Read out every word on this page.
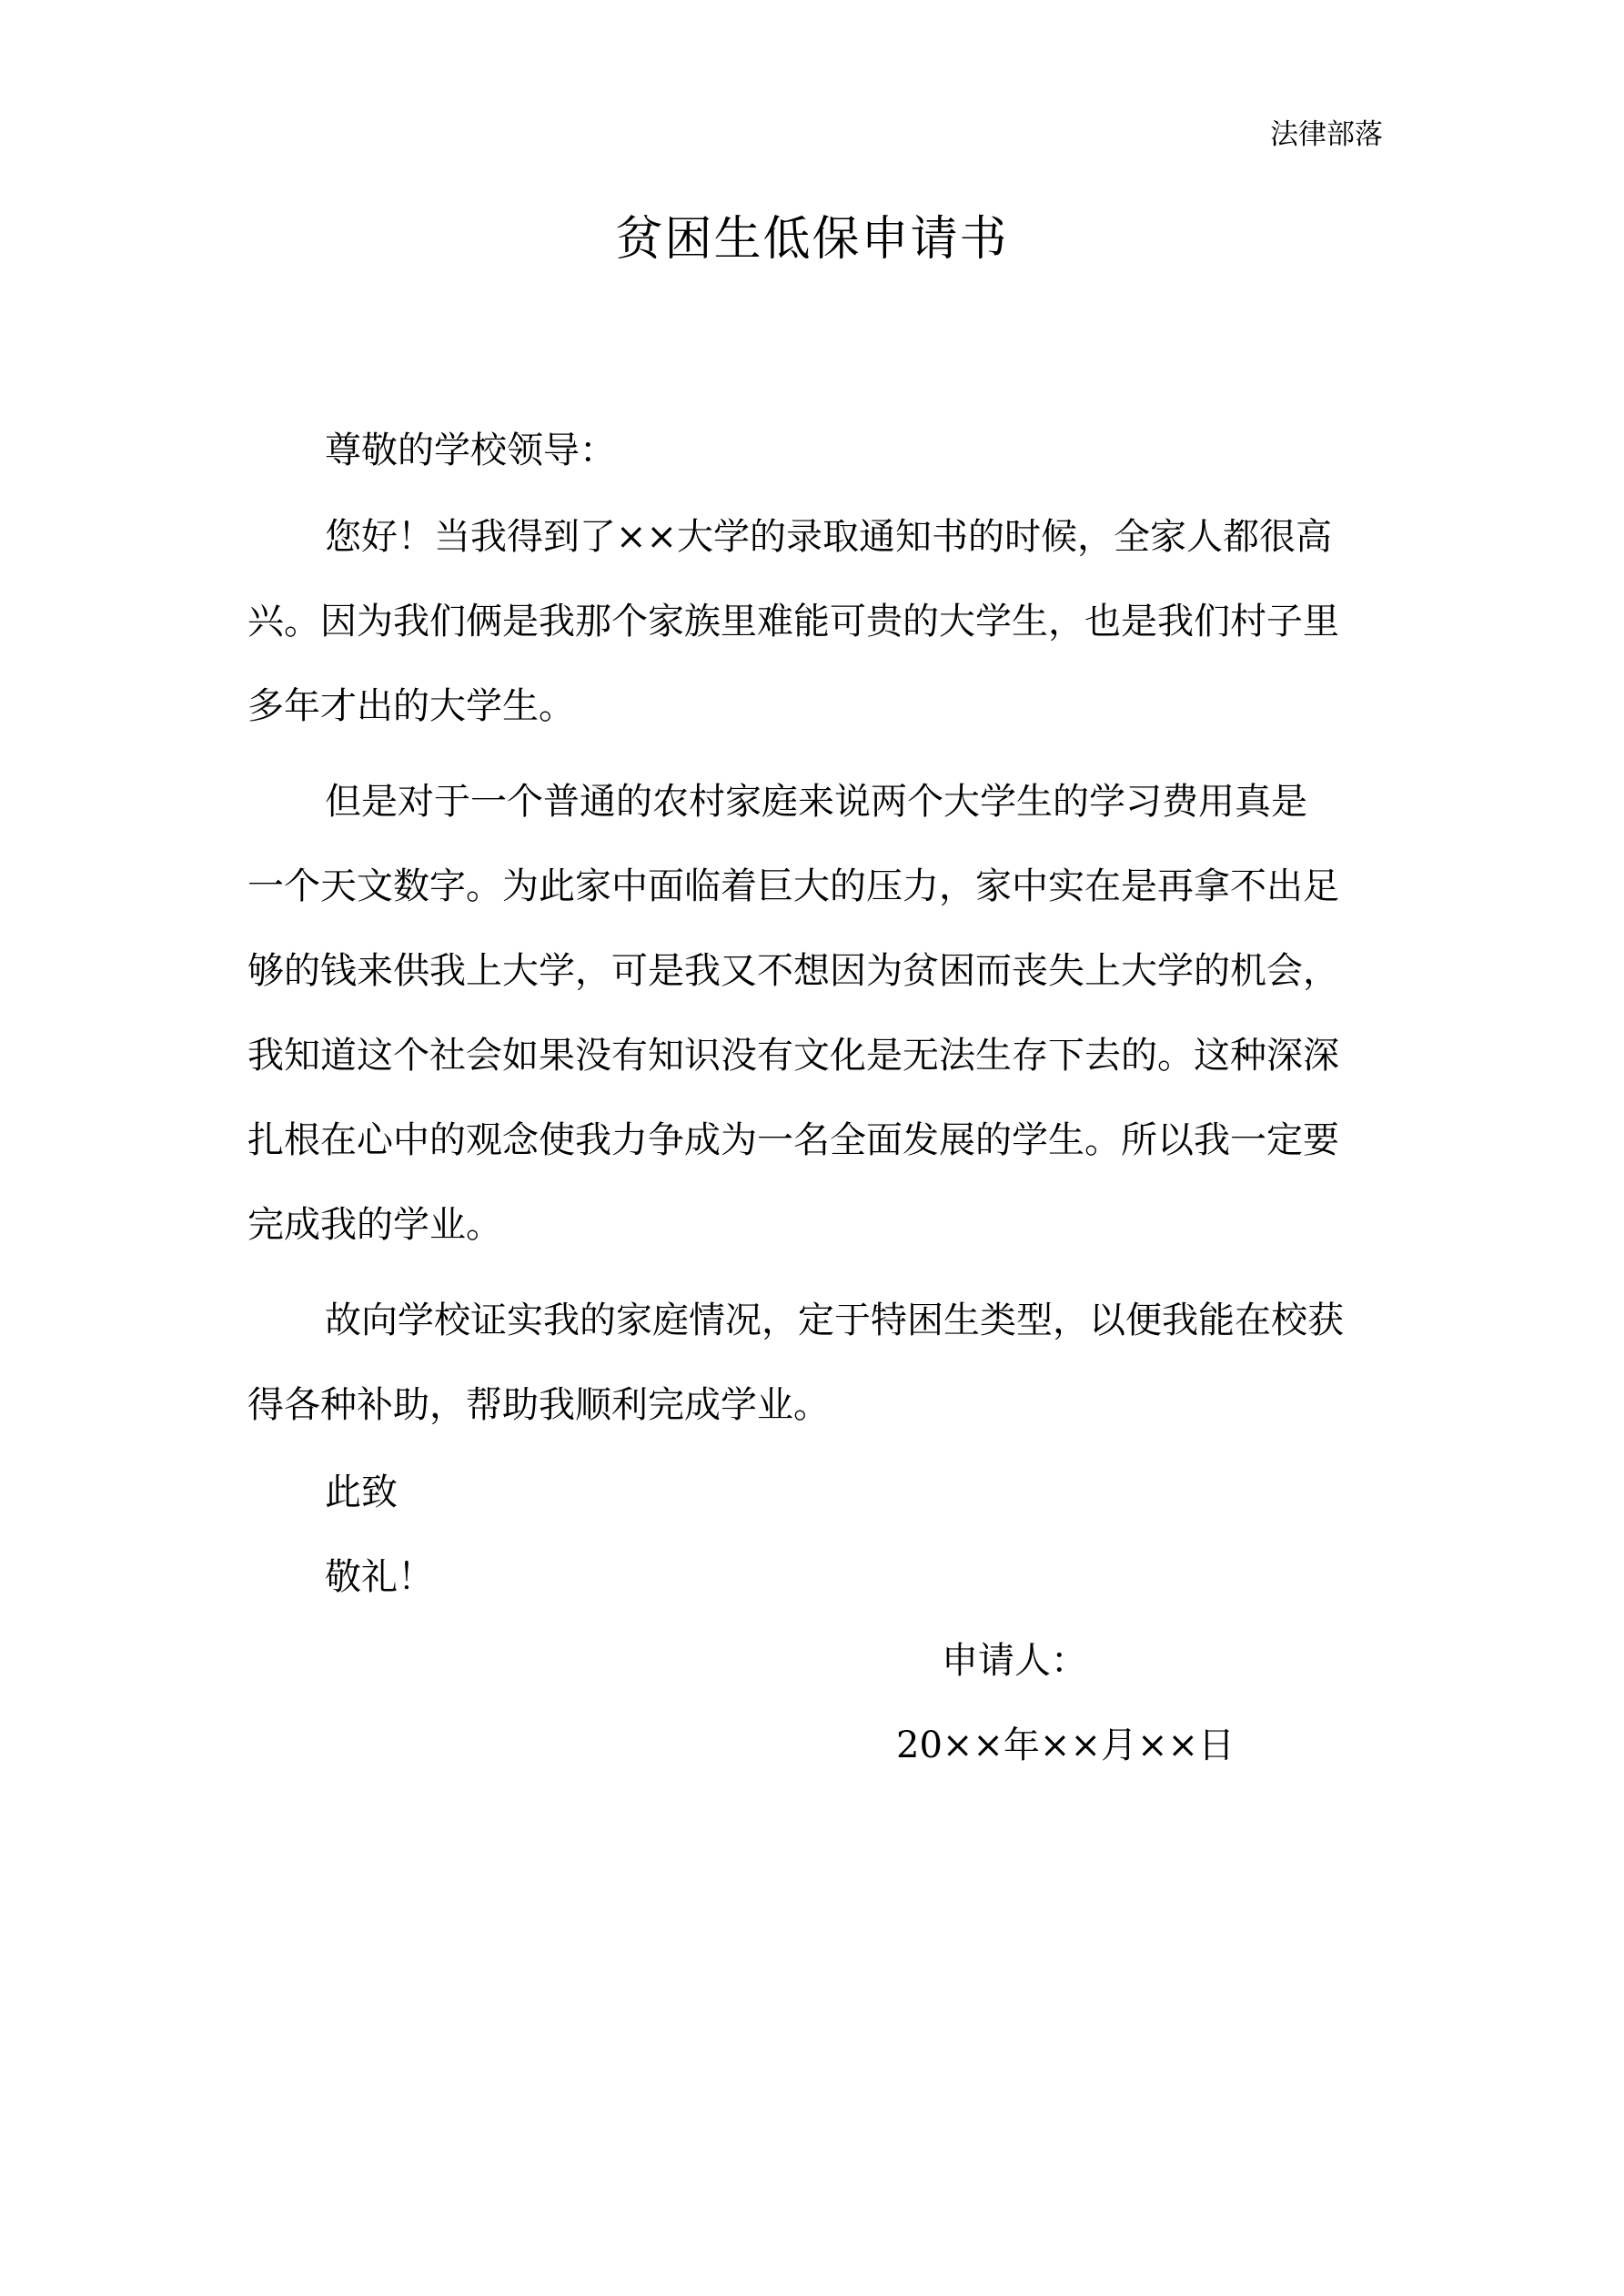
法律部落
贫困生低保申请书
尊敬的学校领导：
您好！当我得到了××大学的录取通知书的时候，全家人都很高
兴。因为我们俩是我那个家族里难能可贵的大学生，也是我们村子里
多年才出的大学生。
但是对于一个普通的农村家庭来说两个大学生的学习费用真是
一个天文数字。为此家中面临着巨大的压力，家中实在是再拿不出足
够的钱来供我上大学，可是我又不想因为贫困而丧失上大学的机会，
我知道这个社会如果没有知识没有文化是无法生存下去的。这种深深
扎根在心中的观念使我力争成为一名全面发展的学生。所以我一定要
完成我的学业。
故向学校证实我的家庭情况，定于特困生类型，以便我能在校获
得各种补助，帮助我顺利完成学业。
此致
敬礼！
申请人：
20××年××月××日
